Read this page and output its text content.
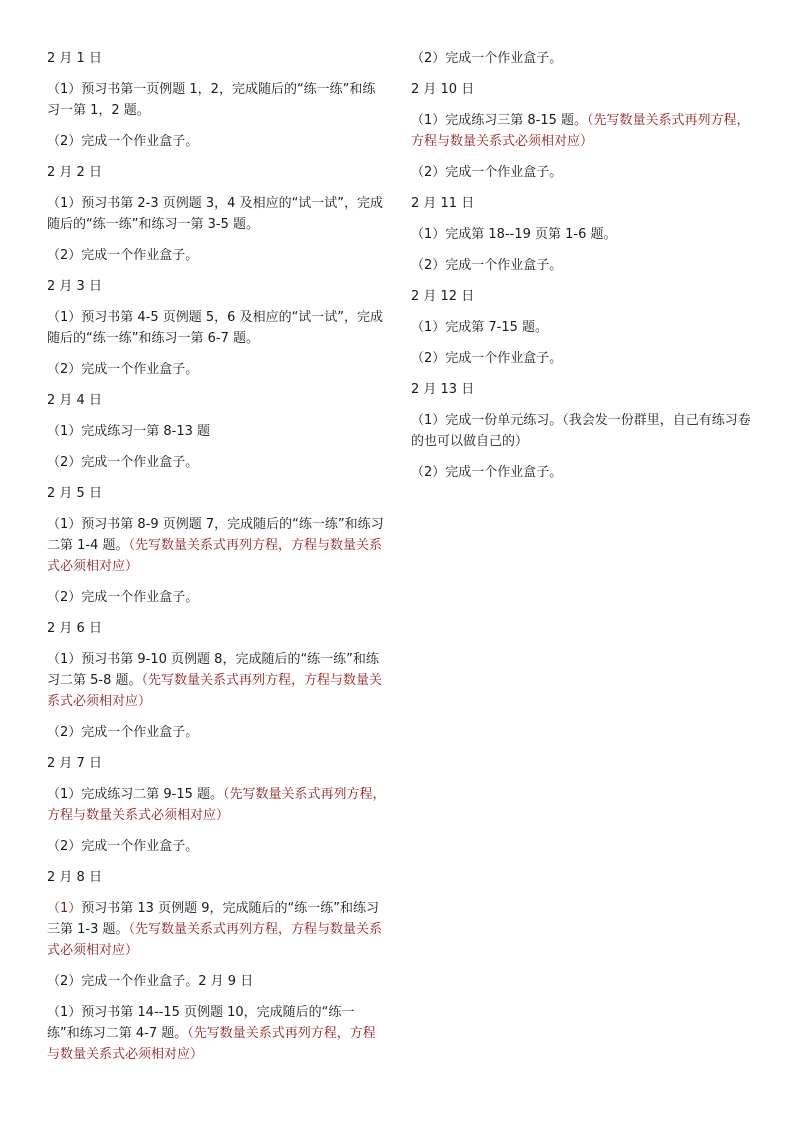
2 月 1 日

（1）预习书第一页例题 1，2，完成随后的“练一练”和练习一第 1，2 题。

（2）完成一个作业盒子。

2 月 2 日

（1）预习书第 2-3 页例题 3，4 及相应的“试一试”，完成随后的“练一练”和练习一第 3-5 题。

（2）完成一个作业盒子。

2 月 3 日

（1）预习书第 4-5 页例题 5，6 及相应的“试一试”，完成随后的“练一练”和练习一第 6-7 题。

（2）完成一个作业盒子。

2 月 4 日

（1）完成练习一第 8-13 题

（2）完成一个作业盒子。

2 月 5 日

（1）预习书第 8-9 页例题 7，完成随后的“练一练”和练习二第 1-4 题。（先写数量关系式再列方程，方程与数量关系式必须相对应）

（2）完成一个作业盒子。

2 月 6 日

（1）预习书第 9-10 页例题 8，完成随后的“练一练”和练习二第 5-8 题。（先写数量关系式再列方程，方程与数量关系式必须相对应）

（2）完成一个作业盒子。

2 月 7 日

（1）完成练习二第 9-15 题。（先写数量关系式再列方程，方程与数量关系式必须相对应）

（2）完成一个作业盒子。

2 月 8 日

（1）预习书第 13 页例题 9，完成随后的“练一练”和练习三第 1-3 题。（先写数量关系式再列方程，方程与数量关系式必须相对应）

（2）完成一个作业盒子。2 月 9 日

（1）预习书第 14--15 页例题 10，完成随后的“练一练”和练习二第 4-7 题。（先写数量关系式再列方程，方程与数量关系式必须相对应）

（2）完成一个作业盒子。

2 月 10 日

（1）完成练习三第 8-15 题。（先写数量关系式再列方程，方程与数量关系式必须相对应）

（2）完成一个作业盒子。

2 月 11 日

（1）完成第 18--19 页第 1-6 题。

（2）完成一个作业盒子。

2 月 12 日

（1）完成第 7-15 题。

（2）完成一个作业盒子。

2 月 13 日

（1）完成一份单元练习。（我会发一份群里，自己有练习卷的也可以做自己的）

（2）完成一个作业盒子。
